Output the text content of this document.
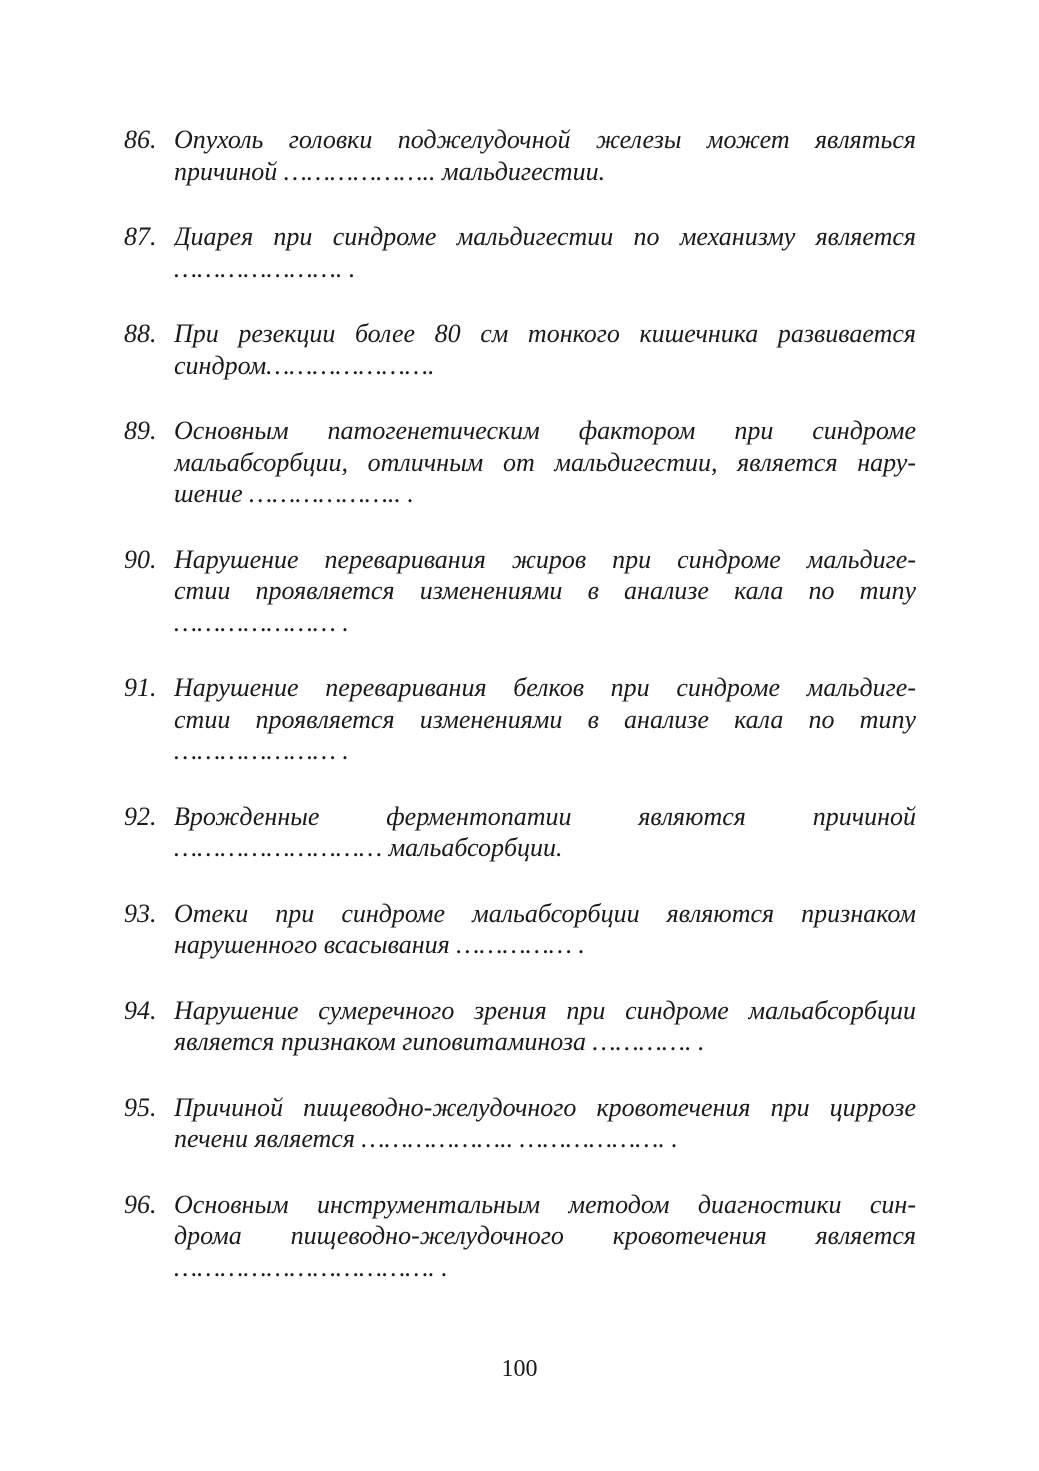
86. Опухоль головки поджелудочной железы может являться
причиной ……………….. мальдигестии.
87. Диарея при синдроме мальдигестии по механизму является
…………………. .
88. При резекции более 80 см тонкого кишечника развивается
синдром………………….
89. Основным патогенетическим фактором при синдроме
мальабсорбции, отличным от мальдигестии, является нару-
шение ……………….. .
90. Нарушение переваривания жиров при синдроме мальдиге-
стии проявляется изменениями в анализе кала по типу
………………… .
91. Нарушение переваривания белков при синдроме мальдиге-
стии проявляется изменениями в анализе кала по типу
………………… .
92. Врожденные ферментопатии являются причиной
……………………… мальабсорбции.
93. Отеки при синдроме мальабсорбции являются признаком
нарушенного всасывания …………… .
94. Нарушение сумеречного зрения при синдроме мальабсорбции
является признаком гиповитаминоза …………. .
95. Причиной пищеводно-желудочного кровотечения при циррозе
печени является ……………….. ………………. .
96. Основным инструментальным методом диагностики син-
дрома пищеводно-желудочного кровотечения является
……………………………. .
100
